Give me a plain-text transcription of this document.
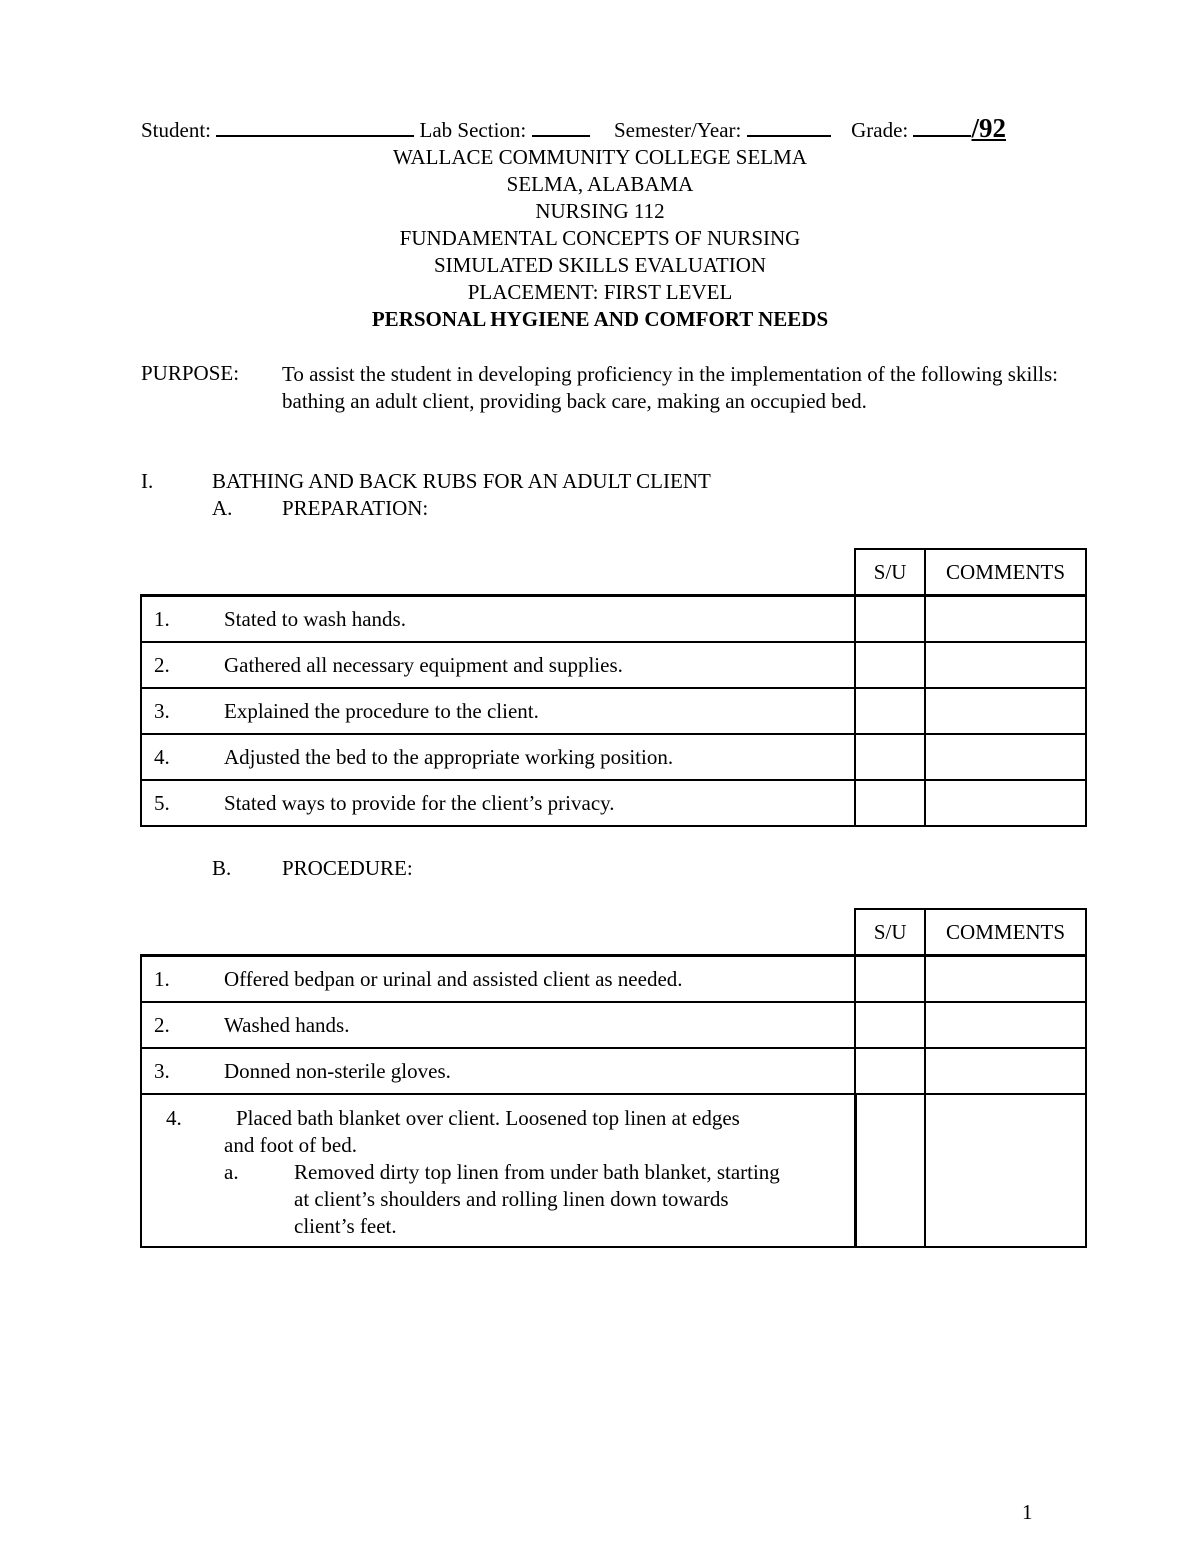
Student:	Lab Section:	Semester/Year:	Grade: /92
WALLACE COMMUNITY COLLEGE SELMA
SELMA, ALABAMA
NURSING 112
FUNDAMENTAL CONCEPTS OF NURSING
SIMULATED SKILLS EVALUATION
PLACEMENT: FIRST LEVEL
PERSONAL HYGIENE AND COMFORT NEEDS
PURPOSE: To assist the student in developing proficiency in the implementation of the following skills: bathing an adult client, providing back care, making an occupied bed.
I.	BATHING AND BACK RUBS FOR AN ADULT CLIENT
A. PREPARATION:
	S/U	COMMENTS
1. Stated to wash hands.		
2. Gathered all necessary equipment and supplies.		
3. Explained the procedure to the client.		
4. Adjusted the bed to the appropriate working position.		
5. Stated ways to provide for the client’s privacy.		
B. PROCEDURE:
	S/U	COMMENTS
1. Offered bedpan or urinal and assisted client as needed.		
2. Washed hands.		
3. Donned non-sterile gloves.		
4. Placed bath blanket over client. Loosened top linen at edges
and foot of bed.
a. Removed dirty top linen from under bath blanket, starting
at client’s shoulders and rolling linen down towards
client’s feet.		

1
